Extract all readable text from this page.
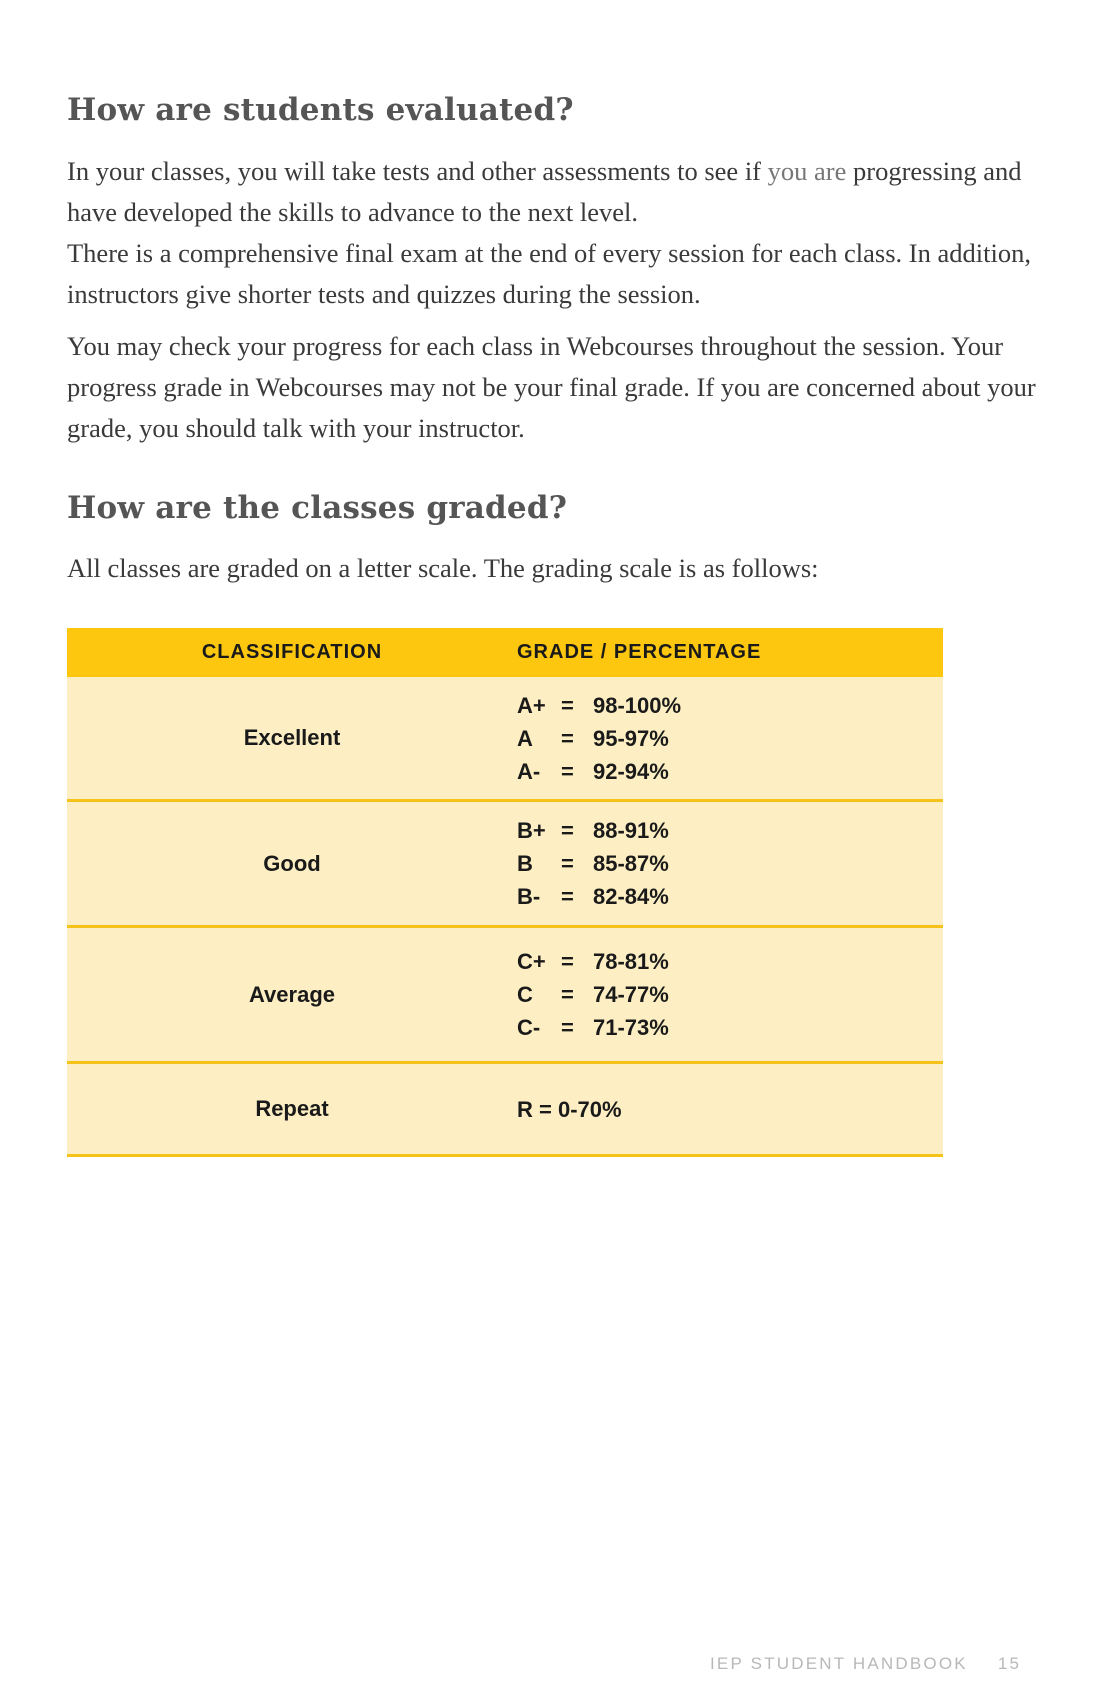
How are students evaluated?
In your classes, you will take tests and other assessments to see if you are progressing and have developed the skills to advance to the next level.
There is a comprehensive final exam at the end of every session for each class. In addition, instructors give shorter tests and quizzes during the session.

You may check your progress for each class in Webcourses throughout the session. Your progress grade in Webcourses may not be your final grade. If you are concerned about your grade, you should talk with your instructor.

How are the classes graded?

All classes are graded on a letter scale. The grading scale is as follows:

CLASSIFICATION	GRADE / PERCENTAGE
Excellent
A+ = 98-100%
A	= 95-97%
A- = 92-94%
Good
B+ = 88-91%
B	= 85-87%
B- = 82-84%
Average
C+ = 78-81%
C	= 74-77%
C- = 71-73%
Repeat	R = 0-70%
IEP STUDENT HANDBOOK 15
